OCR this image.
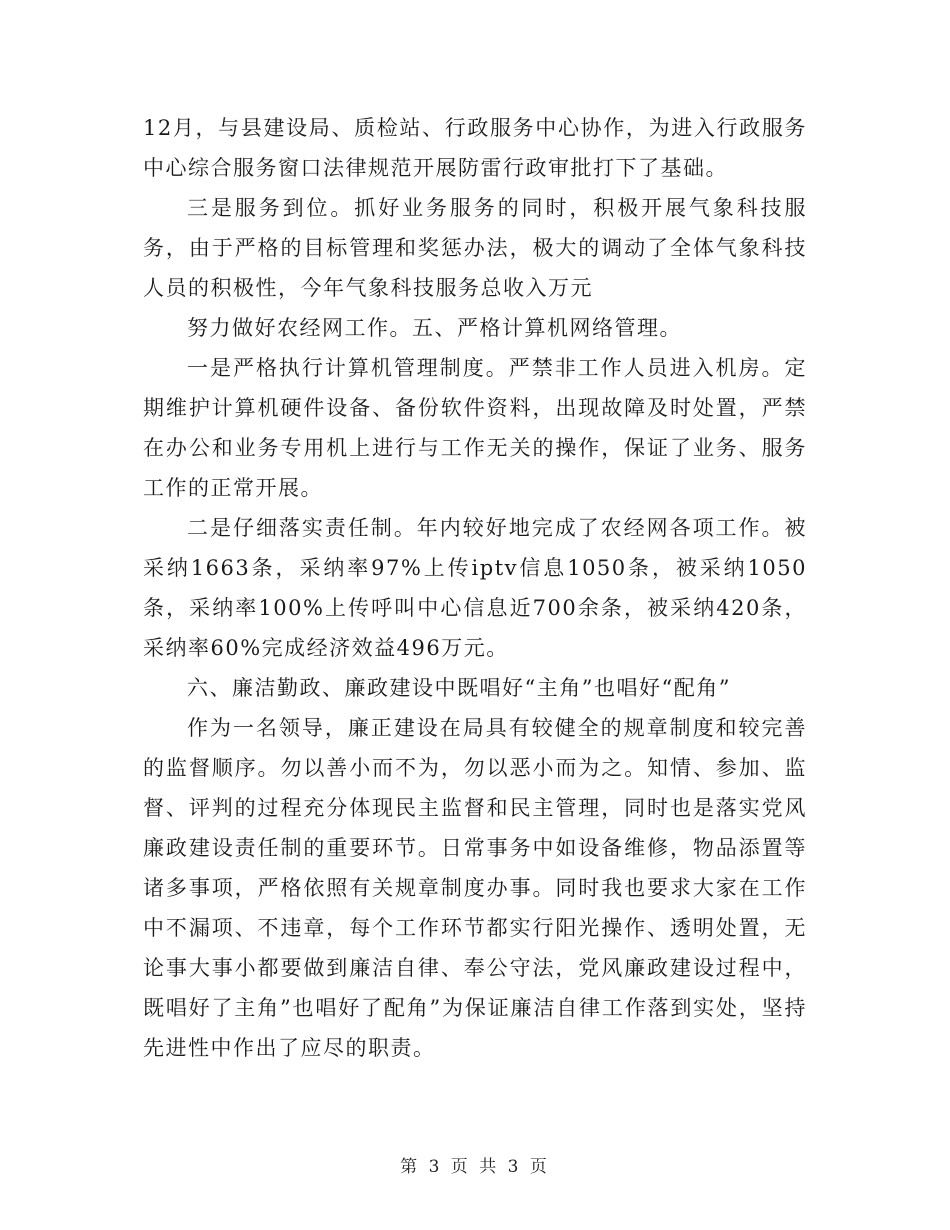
12月，与县建设局、质检站、行政服务中心协作，为进入行政服务中心综合服务窗口法律规范开展防雷行政审批打下了基础。

三是服务到位。抓好业务服务的同时，积极开展气象科技服务，由于严格的目标管理和奖惩办法，极大的调动了全体气象科技人员的积极性，今年气象科技服务总收入万元

努力做好农经网工作。五、严格计算机网络管理。

一是严格执行计算机管理制度。严禁非工作人员进入机房。定期维护计算机硬件设备、备份软件资料，出现故障及时处置，严禁在办公和业务专用机上进行与工作无关的操作，保证了业务、服务工作的正常开展。

二是仔细落实责任制。年内较好地完成了农经网各项工作。被采纳1663条，采纳率97%上传iptv信息1050条，被采纳1050条，采纳率100%上传呼叫中心信息近700余条，被采纳420条，采纳率60%完成经济效益496万元。

六、廉洁勤政、廉政建设中既唱好“主角”也唱好“配角”

作为一名领导，廉正建设在局具有较健全的规章制度和较完善的监督顺序。勿以善小而不为，勿以恶小而为之。知情、参加、监督、评判的过程充分体现民主监督和民主管理，同时也是落实党风廉政建设责任制的重要环节。日常事务中如设备维修，物品添置等诸多事项，严格依照有关规章制度办事。同时我也要求大家在工作中不漏项、不违章，每个工作环节都实行阳光操作、透明处置，无论事大事小都要做到廉洁自律、奉公守法，党风廉政建设过程中，既唱好了主角”也唱好了配角”为保证廉洁自律工作落到实处，坚持先进性中作出了应尽的职责。

第 3 页 共 3 页
